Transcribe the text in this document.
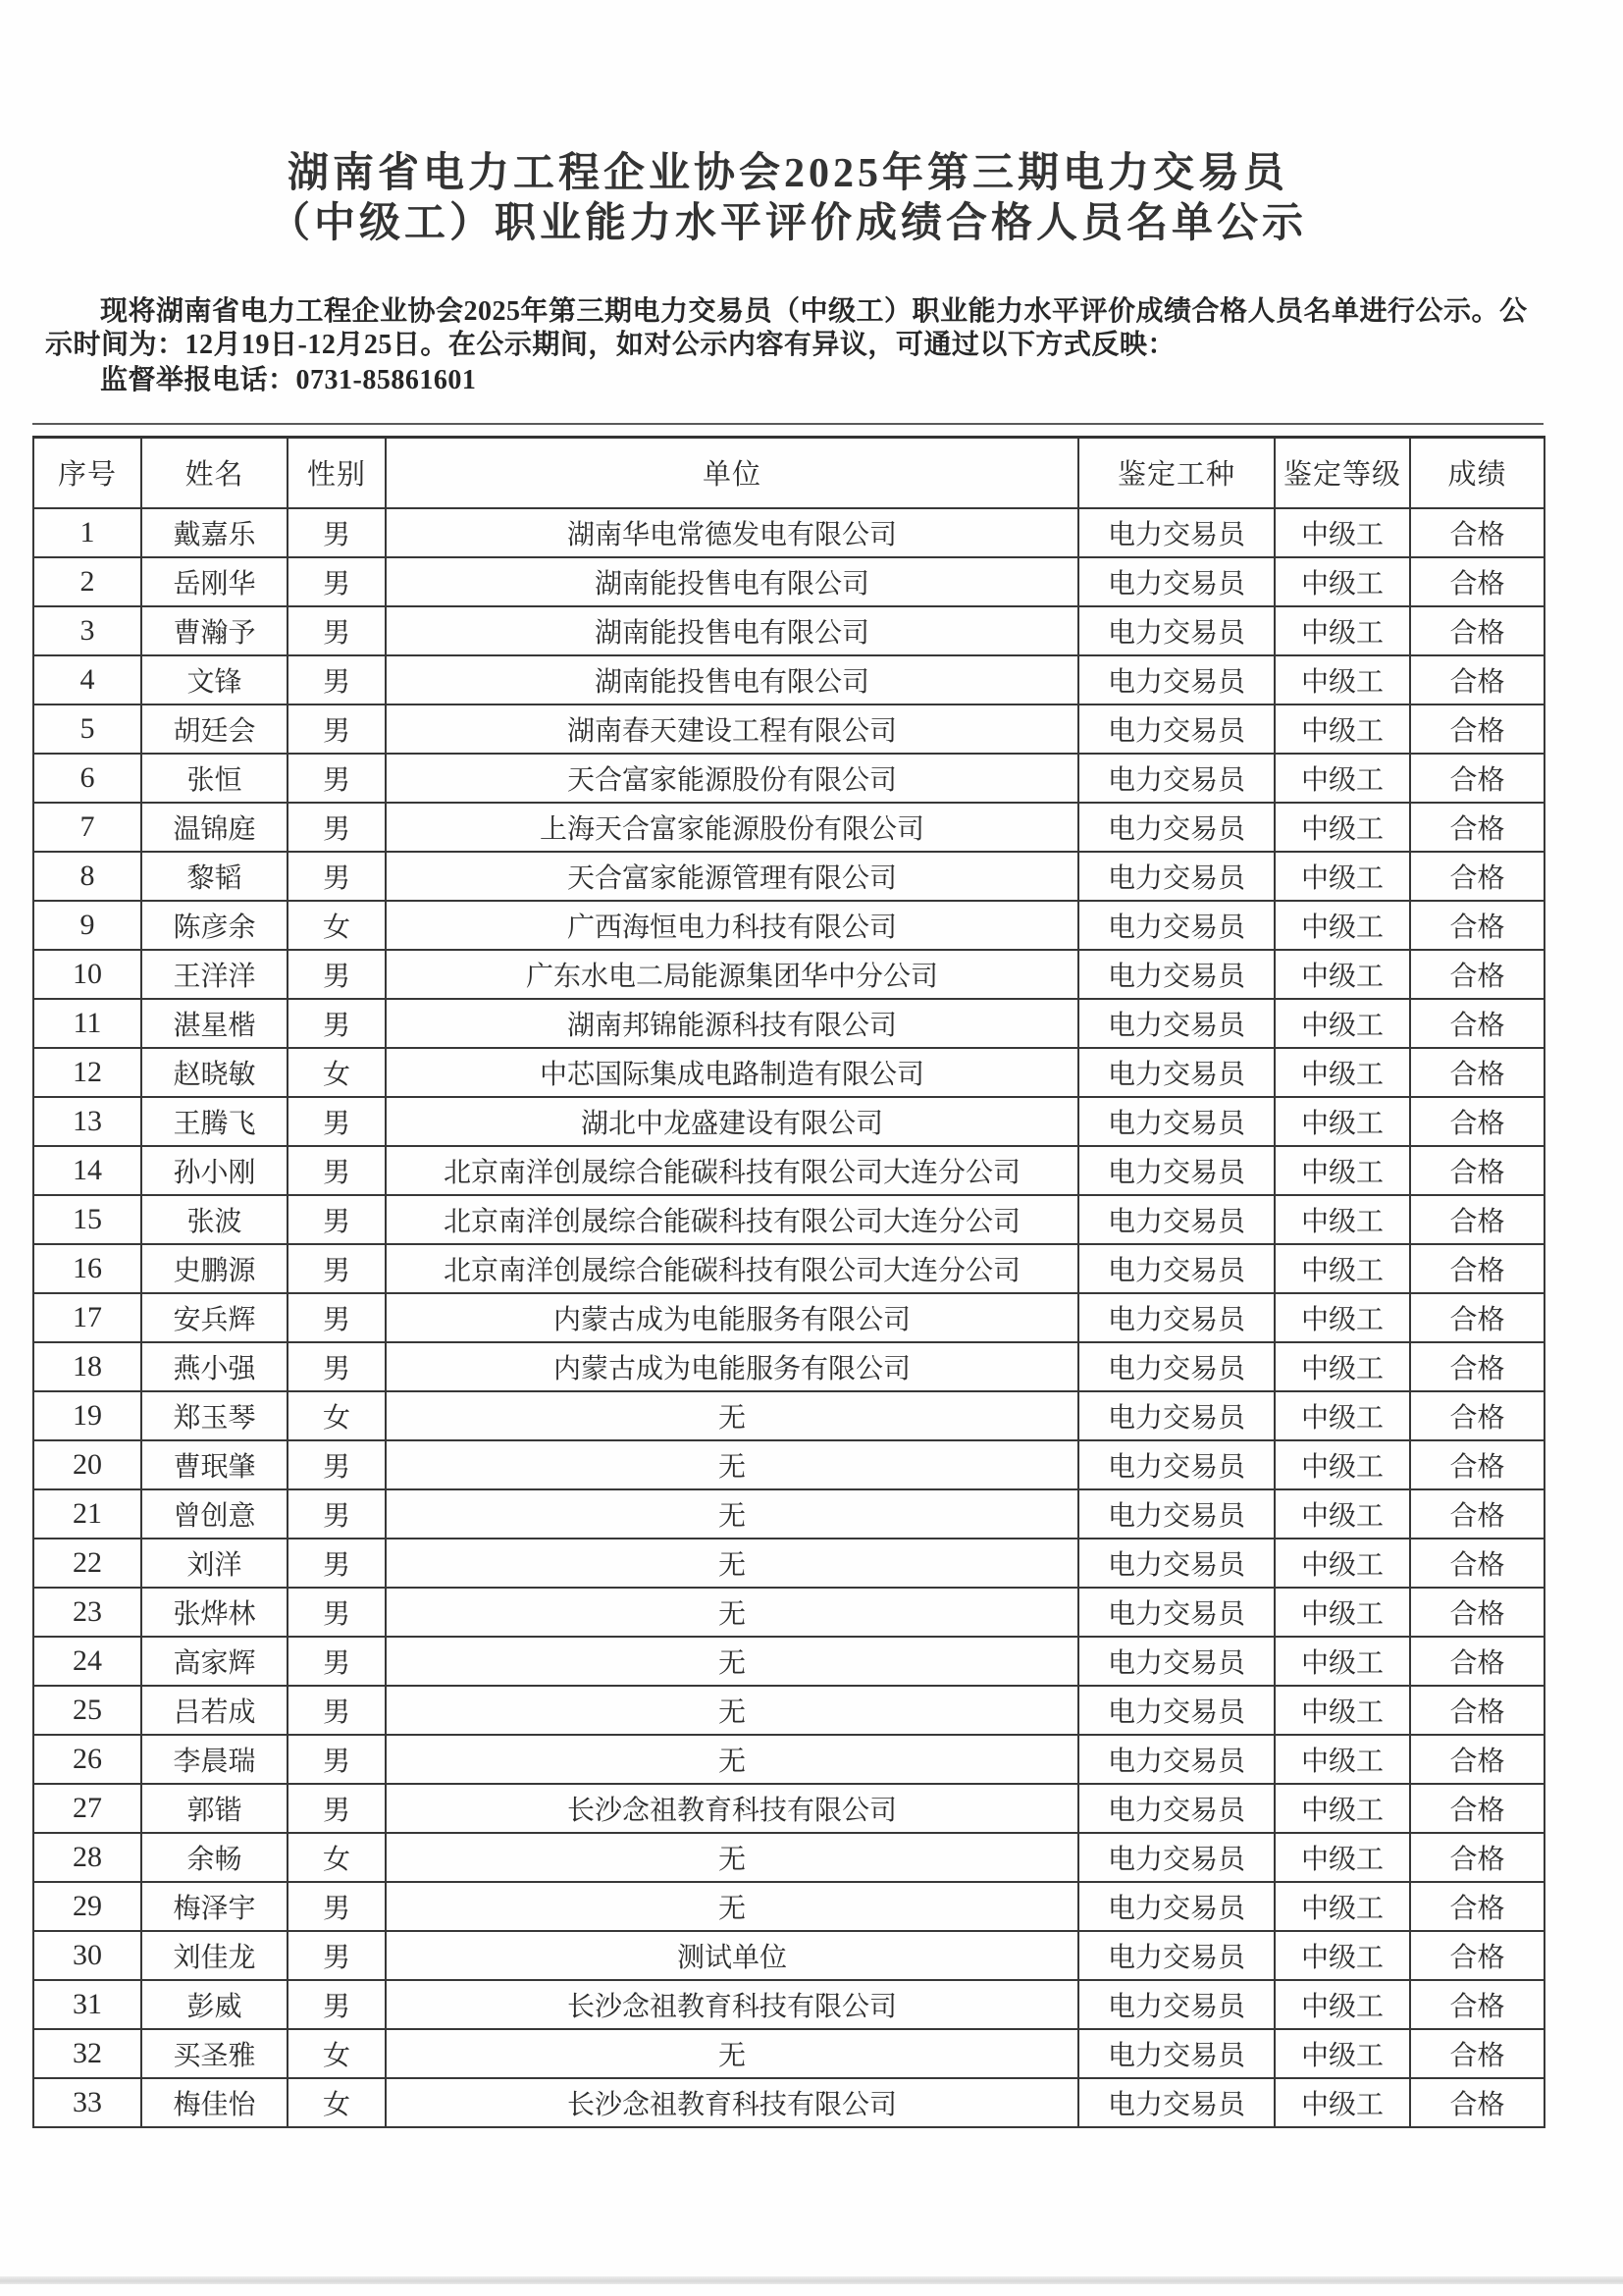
湖南省电力工程企业协会2025年第三期电力交易员
（中级工）职业能力水平评价成绩合格人员名单公示

现将湖南省电力工程企业协会2025年第三期电力交易员（中级工）职业能力水平评价成绩合格人员名单进行公示。公示时间为：12月19日-12月25日。在公示期间，如对公示内容有异议，可通过以下方式反映：

监督举报电话：0731-85861601

序号	姓名	性别	单位	鉴定工种	鉴定等级	成绩
1	戴嘉乐	男	湖南华电常德发电有限公司	电力交易员	中级工	合格
2	岳刚华	男	湖南能投售电有限公司	电力交易员	中级工	合格
3	曹瀚予	男	湖南能投售电有限公司	电力交易员	中级工	合格
4	文锋	男	湖南能投售电有限公司	电力交易员	中级工	合格
5	胡廷会	男	湖南春天建设工程有限公司	电力交易员	中级工	合格
6	张恒	男	天合富家能源股份有限公司	电力交易员	中级工	合格
7	温锦庭	男	上海天合富家能源股份有限公司	电力交易员	中级工	合格
8	黎韬	男	天合富家能源管理有限公司	电力交易员	中级工	合格
9	陈彦余	女	广西海恒电力科技有限公司	电力交易员	中级工	合格
10	王洋洋	男	广东水电二局能源集团华中分公司	电力交易员	中级工	合格
11	湛星楷	男	湖南邦锦能源科技有限公司	电力交易员	中级工	合格
12	赵晓敏	女	中芯国际集成电路制造有限公司	电力交易员	中级工	合格
13	王腾飞	男	湖北中龙盛建设有限公司	电力交易员	中级工	合格
14	孙小刚	男	北京南洋创晟综合能碳科技有限公司大连分公司	电力交易员	中级工	合格
15	张波	男	北京南洋创晟综合能碳科技有限公司大连分公司	电力交易员	中级工	合格
16	史鹏源	男	北京南洋创晟综合能碳科技有限公司大连分公司	电力交易员	中级工	合格
17	安兵辉	男	内蒙古成为电能服务有限公司	电力交易员	中级工	合格
18	燕小强	男	内蒙古成为电能服务有限公司	电力交易员	中级工	合格
19	郑玉琴	女	无	电力交易员	中级工	合格
20	曹珉肇	男	无	电力交易员	中级工	合格
21	曾创意	男	无	电力交易员	中级工	合格
22	刘洋	男	无	电力交易员	中级工	合格
23	张烨林	男	无	电力交易员	中级工	合格
24	高家辉	男	无	电力交易员	中级工	合格
25	吕若成	男	无	电力交易员	中级工	合格
26	李晨瑞	男	无	电力交易员	中级工	合格
27	郭锴	男	长沙念祖教育科技有限公司	电力交易员	中级工	合格
28	余畅	女	无	电力交易员	中级工	合格
29	梅泽宇	男	无	电力交易员	中级工	合格
30	刘佳龙	男	测试单位	电力交易员	中级工	合格
31	彭威	男	长沙念祖教育科技有限公司	电力交易员	中级工	合格
32	买圣雅	女	无	电力交易员	中级工	合格
33	梅佳怡	女	长沙念祖教育科技有限公司	电力交易员	中级工	合格
